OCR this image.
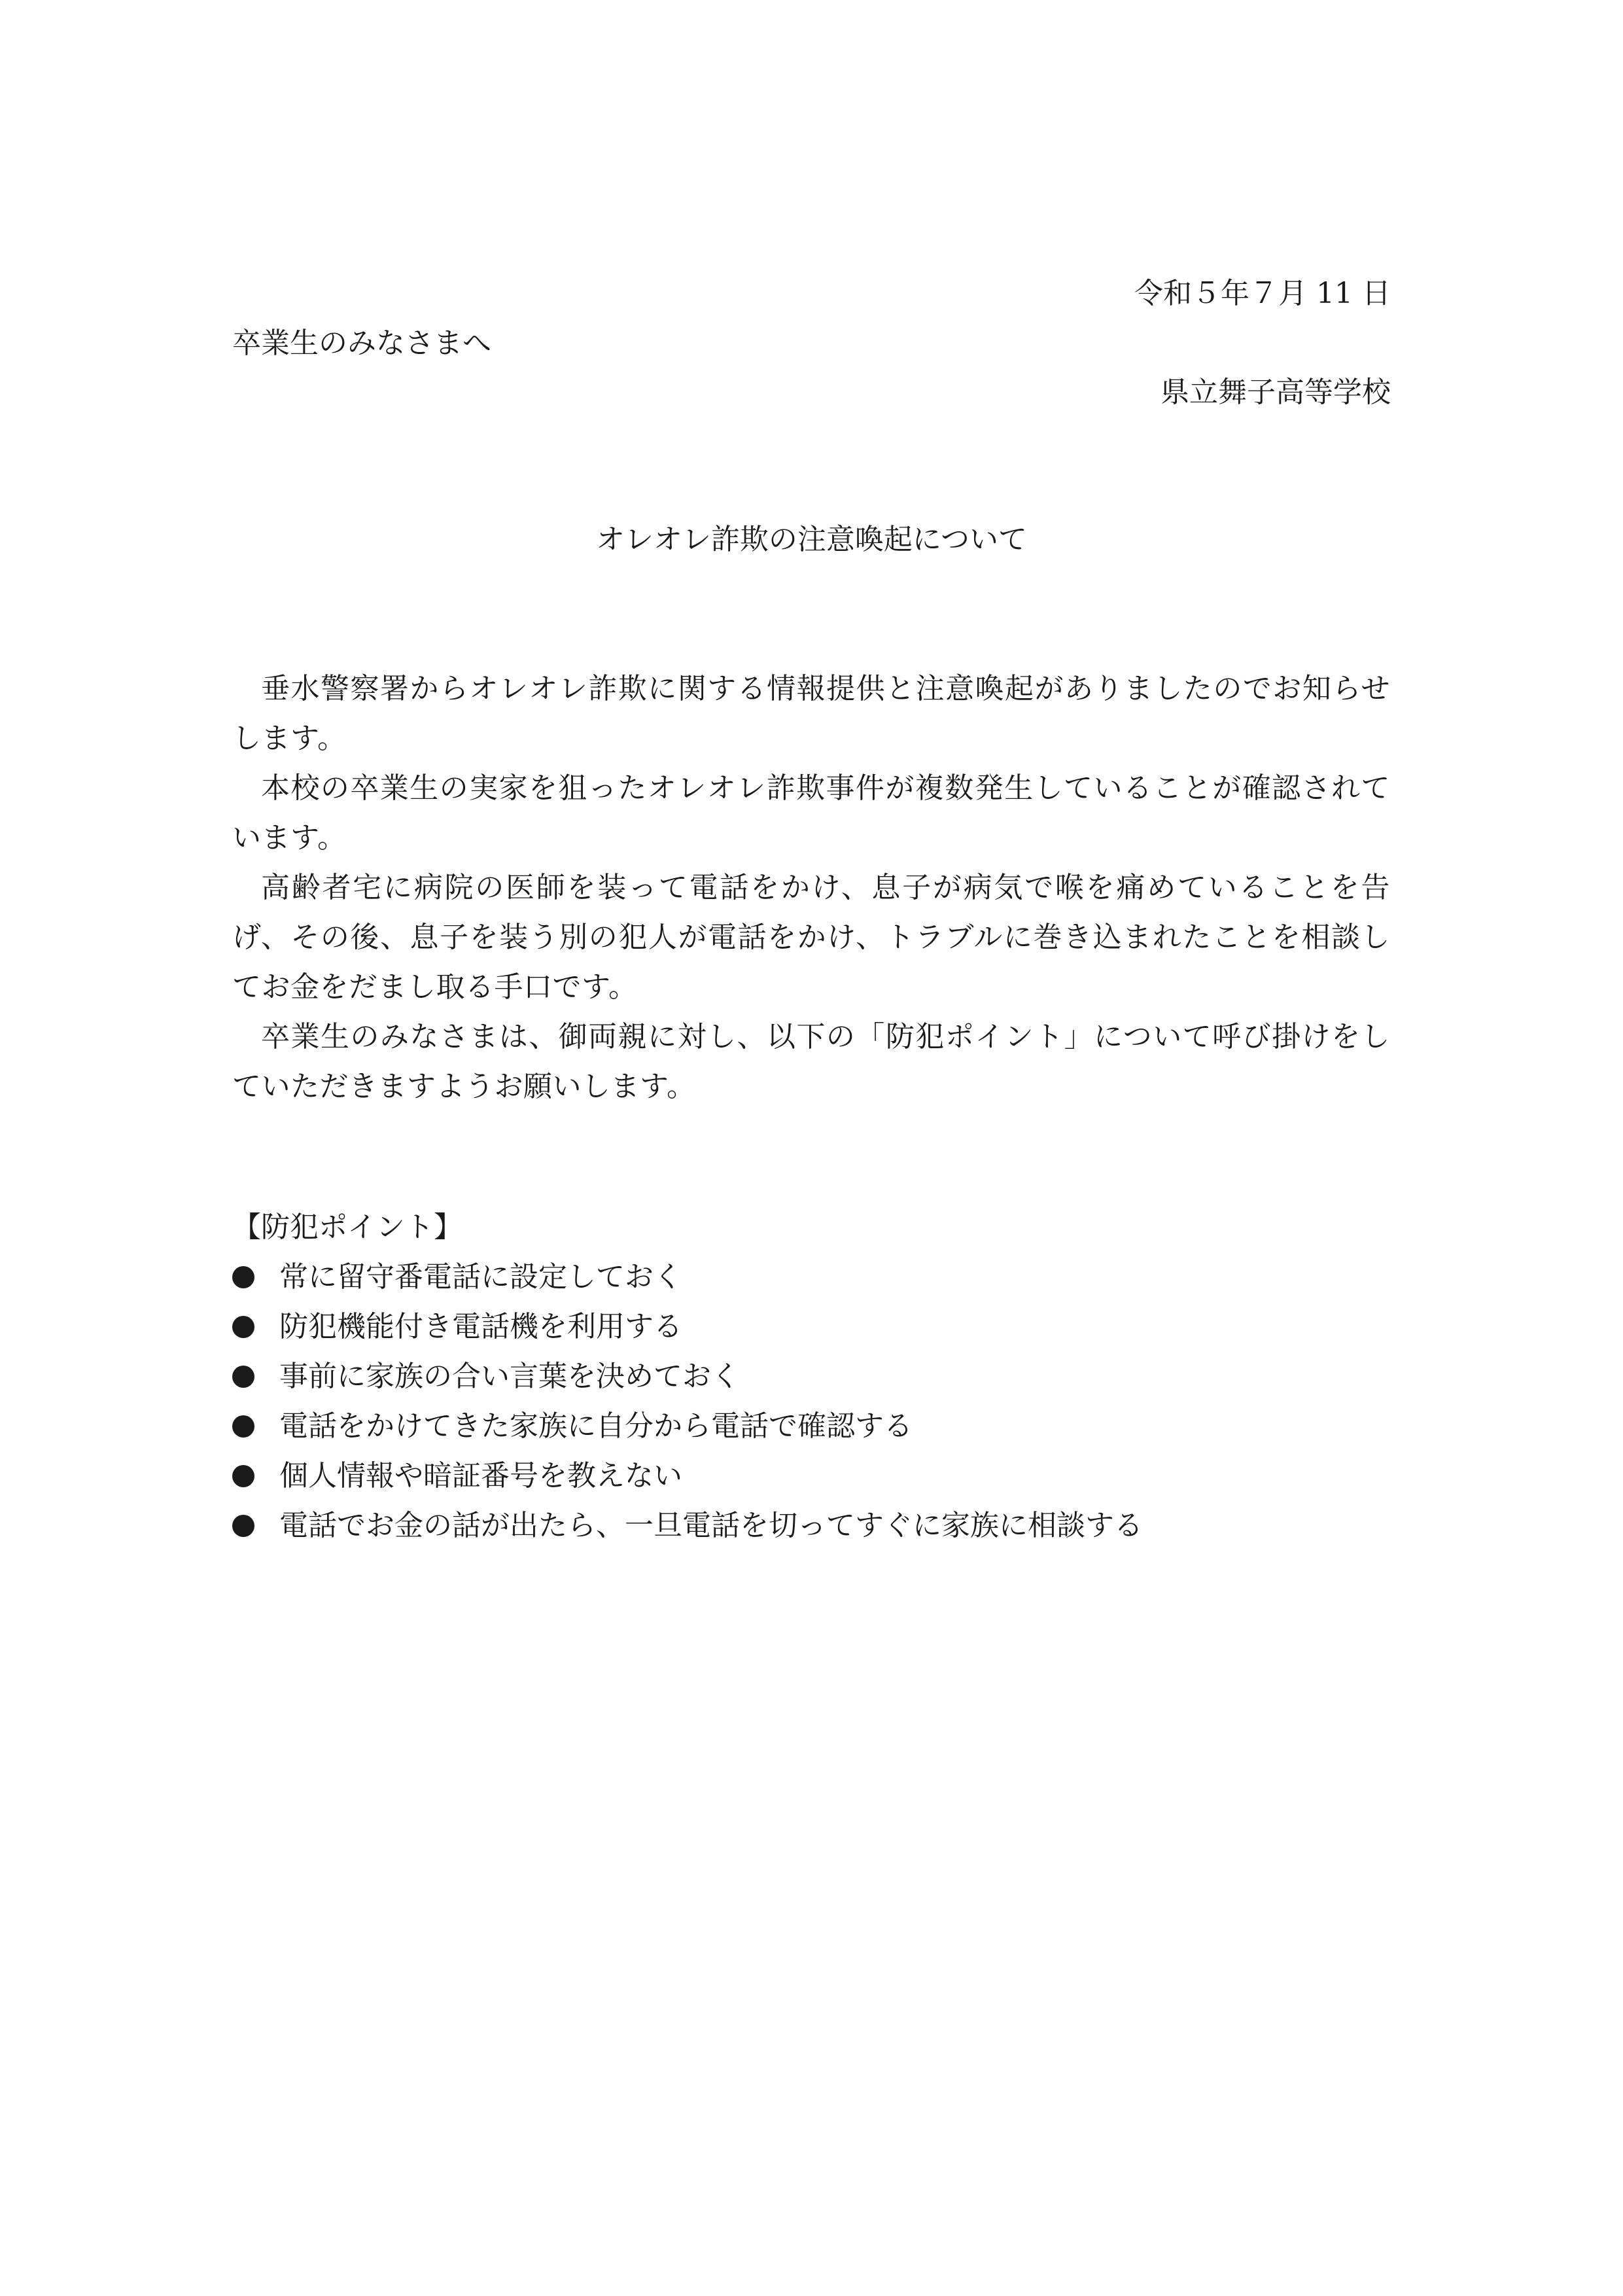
令和５年７月 11 日
卒業生のみなさまへ
県立舞子高等学校
オレオレ詐欺の注意喚起について

垂水警察署からオレオレ詐欺に関する情報提供と注意喚起がありましたのでお知らせします。

本校の卒業生の実家を狙ったオレオレ詐欺事件が複数発生していることが確認されています。

高齢者宅に病院の医師を装って電話をかけ、息子が病気で喉を痛めていることを告げ、その後、息子を装う別の犯人が電話をかけ、トラブルに巻き込まれたことを相談してお金をだまし取る手口です。

卒業生のみなさまは、御両親に対し、以下の「防犯ポイント」について呼び掛けをしていただきますようお願いします。

【防犯ポイント】
常に留守番電話に設定しておく
防犯機能付き電話機を利用する
事前に家族の合い言葉を決めておく
電話をかけてきた家族に自分から電話で確認する
個人情報や暗証番号を教えない
電話でお金の話が出たら、一旦電話を切ってすぐに家族に相談する
